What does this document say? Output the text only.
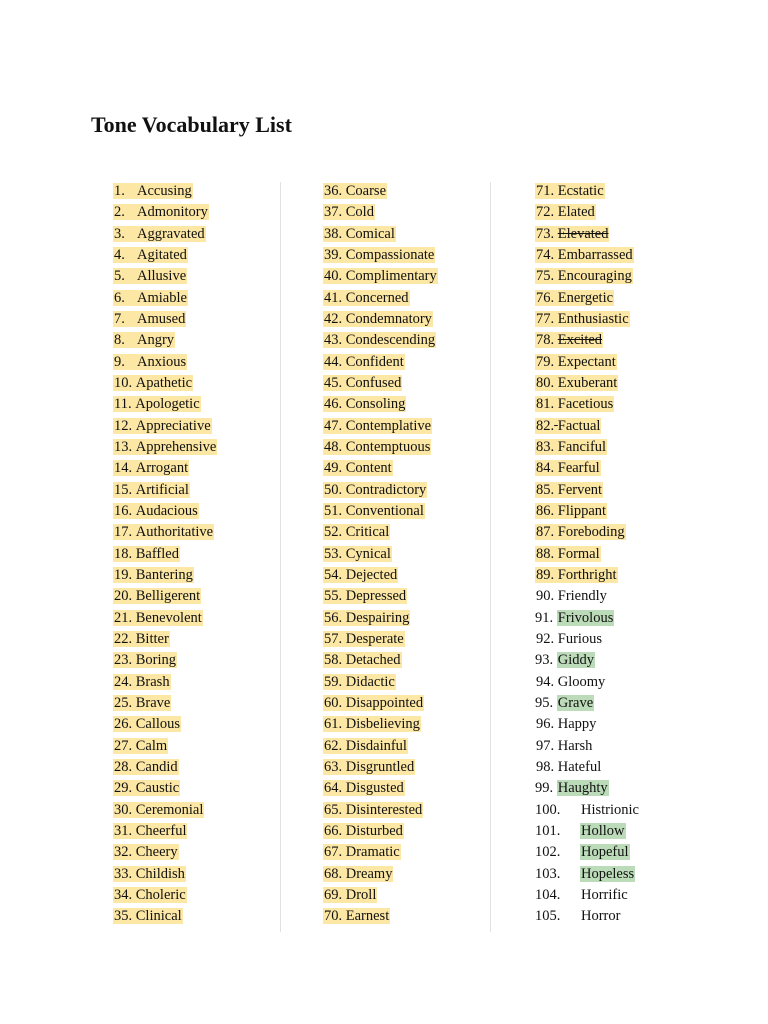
Tone Vocabulary List
1. Accusing
2. Admonitory
3. Aggravated
4. Agitated
5. Allusive
6. Amiable
7. Amused
8. Angry
9. Anxious
10. Apathetic
11. Apologetic
12. Appreciative
13. Apprehensive
14. Arrogant
15. Artificial
16. Audacious
17. Authoritative
18. Baffled
19. Bantering
20. Belligerent
21. Benevolent
22. Bitter
23. Boring
24. Brash
25. Brave
26. Callous
27. Calm
28. Candid
29. Caustic
30. Ceremonial
31. Cheerful
32. Cheery
33. Childish
34. Choleric
35. Clinical
36. Coarse
37. Cold
38. Comical
39. Compassionate
40. Complimentary
41. Concerned
42. Condemnatory
43. Condescending
44. Confident
45. Confused
46. Consoling
47. Contemplative
48. Contemptuous
49. Content
50. Contradictory
51. Conventional
52. Critical
53. Cynical
54. Dejected
55. Depressed
56. Despairing
57. Desperate
58. Detached
59. Didactic
60. Disappointed
61. Disbelieving
62. Disdainful
63. Disgruntled
64. Disgusted
65. Disinterested
66. Disturbed
67. Dramatic
68. Dreamy
69. Droll
70. Earnest
71. Ecstatic
72. Elated
73. Elevated
74. Embarrassed
75. Encouraging
76. Energetic
77. Enthusiastic
78. Excited
79. Expectant
80. Exuberant
81. Facetious
82. Factual
83. Fanciful
84. Fearful
85. Fervent
86. Flippant
87. Foreboding
88. Formal
89. Forthright
90. Friendly
91. Frivolous
92. Furious
93. Giddy
94. Gloomy
95. Grave
96. Happy
97. Harsh
98. Hateful
99. Haughty
100. Histrionic
101. Hollow
102. Hopeful
103. Hopeless
104. Horrific
105. Horror
